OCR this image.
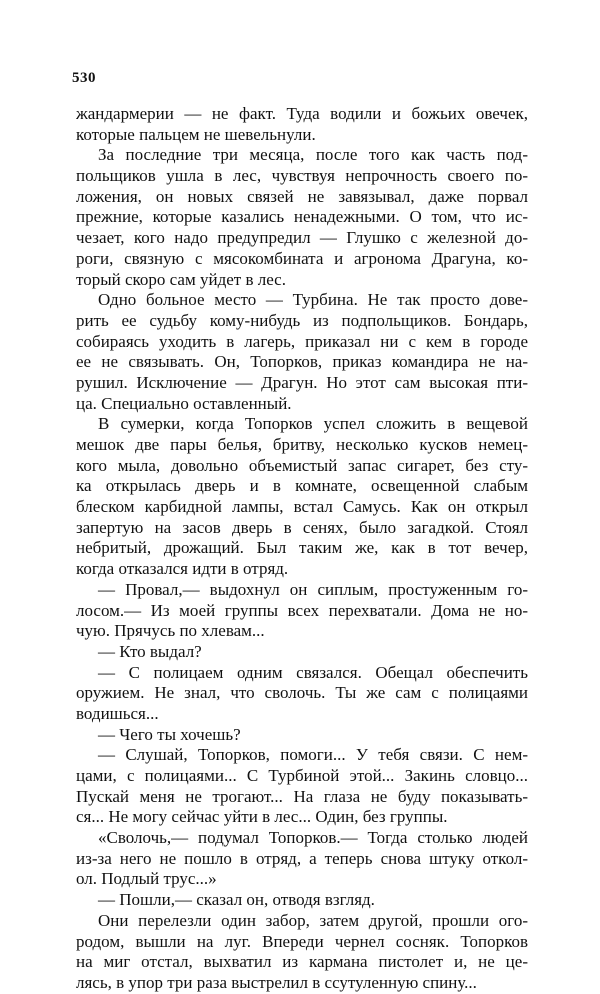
530

жандармерии — не факт. Туда водили и божьих овечек,
которые пальцем не шевельнули.

За последние три месяца, после того как часть под-
польщиков ушла в лес, чувствуя непрочность своего по-
ложения, он новых связей не завязывал, даже порвал
прежние, которые казались ненадежными. О том, что ис-
чезает, кого надо предупредил — Глушко с железной до-
роги, связную с мясокомбината и агронома Драгуна, ко-
торый скоро сам уйдет в лес.

Одно больное место — Турбина. Не так просто дове-
рить ее судьбу кому-нибудь из подпольщиков. Бондарь,
собираясь уходить в лагерь, приказал ни с кем в городе
ее не связывать. Он, Топорков, приказ командира не на-
рушил. Исключение — Драгун. Но этот сам высокая пти-
ца. Специально оставленный.

В сумерки, когда Топорков успел сложить в вещевой
мешок две пары белья, бритву, несколько кусков немец-
кого мыла, довольно объемистый запас сигарет, без сту-
ка открылась дверь и в комнате, освещенной слабым
блеском карбидной лампы, встал Самусь. Как он открыл
запертую на засов дверь в сенях, было загадкой. Стоял
небритый, дрожащий. Был таким же, как в тот вечер,
когда отказался идти в отряд.

— Провал,— выдохнул он сиплым, простуженным го-
лосом.— Из моей группы всех перехватали. Дома не но-
чую. Прячусь по хлевам...

— Кто выдал?

— С полицаем одним связался. Обещал обеспечить
оружием. Не знал, что сволочь. Ты же сам с полицаями
водишься...

— Чего ты хочешь?

— Слушай, Топорков, помоги... У тебя связи. С нем-
цами, с полицаями... С Турбиной этой... Закинь словцо...
Пускай меня не трогают... На глаза не буду показывать-
ся... Не могу сейчас уйти в лес... Один, без группы.

«Сволочь,— подумал Топорков.— Тогда столько людей
из-за него не пошло в отряд, а теперь снова штуку откол-
ол. Подлый трус...»

— Пошли,— сказал он, отводя взгляд.

Они перелезли один забор, затем другой, прошли ого-
родом, вышли на луг. Впереди чернел сосняк. Топорков
на миг отстал, выхватил из кармана пистолет и, не це-
лясь, в упор три раза выстрелил в ссутуленную спину...
